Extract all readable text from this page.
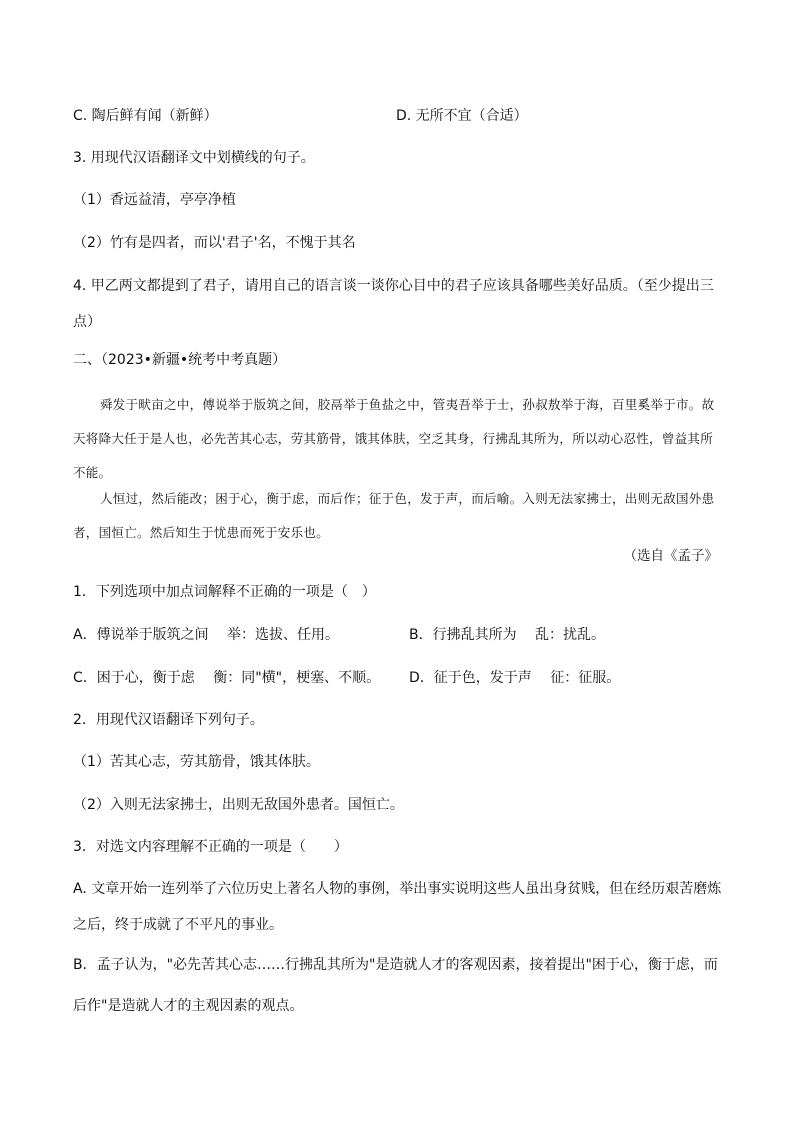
C. 陶后鲜有闻（新鲜）	D. 无所不宜（合适）
3. 用现代汉语翻译文中划横线的句子。
（1）香远益清，亭亭净植
（2）竹有是四者，而以'君子'名，不愧于其名
4. 甲乙两文都提到了君子，请用自己的语言谈一谈你心目中的君子应该具备哪些美好品质。（至少提出三
点）
二、（2023•新疆•统考中考真题）
舜发于畎亩之中，傅说举于版筑之间，胶鬲举于鱼盐之中，管夷吾举于士，孙叔敖举于海，百里奚举于市。故天将降大任于是人也，必先苦其心志，劳其筋骨，饿其体肤，空乏其身，行拂乱其所为，所以动心忍性，曾益其所不能。
人恒过，然后能改；困于心，衡于虑，而后作；征于色，发于声，而后喻。入则无法家拂士，出则无敌国外患者，国恒亡。然后知生于忧患而死于安乐也。
（选自《孟子》
1．下列选项中加点词解释不正确的一项是（　）
A．傅说举于版筑之间　 举：选拔、任用。	B．行拂乱其所为　 乱：扰乱。
C．困于心，衡于虑　 衡：同"横"，梗塞、不顺。 D．征于色，发于声　 征：征服。
2．用现代汉语翻译下列句子。
（1）苦其心志，劳其筋骨，饿其体肤。
（2）入则无法家拂士，出则无敌国外患者。国恒亡。
3．对选文内容理解不正确的一项是（　　）
A. 文章开始一连列举了六位历史上著名人物的事例，举出事实说明这些人虽出身贫贱，但在经历艰苦磨炼
之后，终于成就了不平凡的事业。
B．孟子认为，"必先苦其心志……行拂乱其所为"是造就人才的客观因素，接着提出"困于心，衡于虑，而
后作"是造就人才的主观因素的观点。
